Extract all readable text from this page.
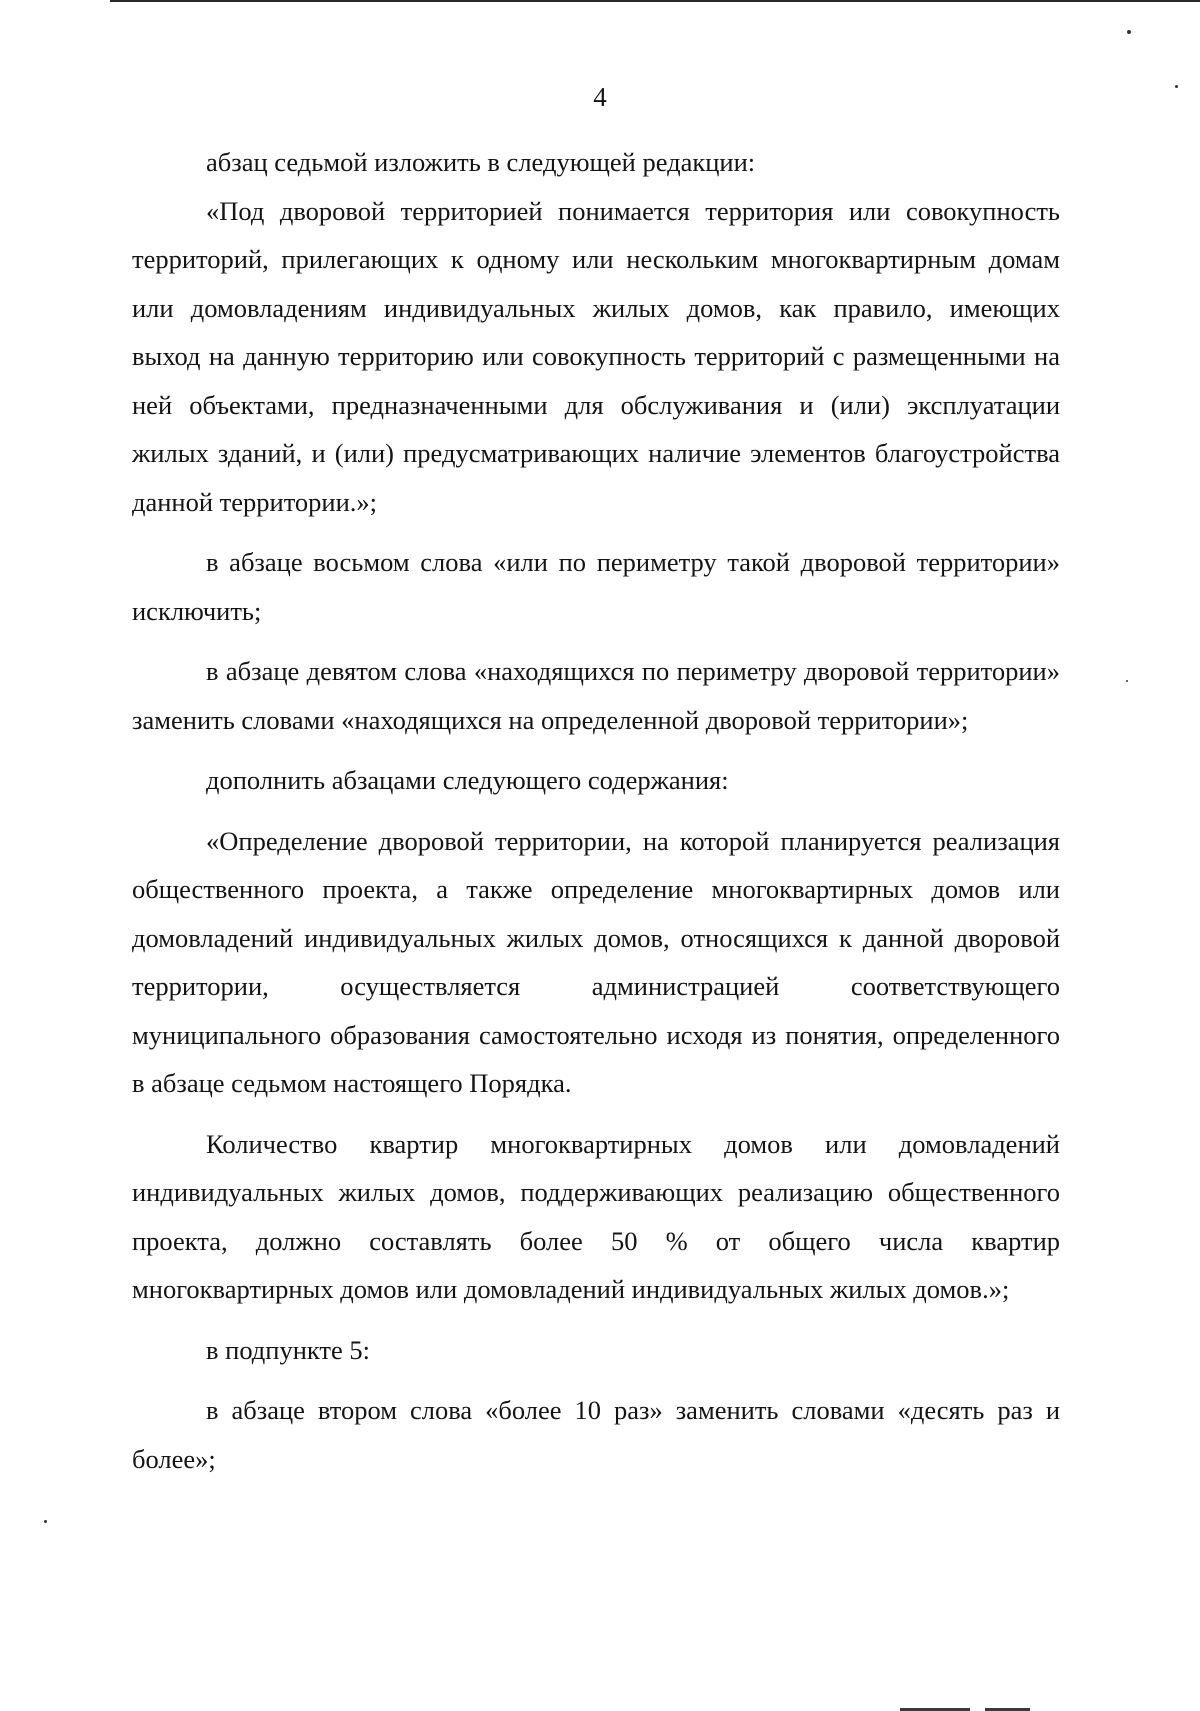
4

абзац седьмой изложить в следующей редакции:

«Под дворовой территорией понимается территория или совокупность территорий, прилегающих к одному или нескольким многоквартирным домам или домовладениям индивидуальных жилых домов, как правило, имеющих выход на данную территорию или совокупность территорий с размещенными на ней объектами, предназначенными для обслуживания и (или) эксплуатации жилых зданий, и (или) предусматривающих наличие элементов благоустройства данной территории.»;

в абзаце восьмом слова «или по периметру такой дворовой территории» исключить;

в абзаце девятом слова «находящихся по периметру дворовой территории» заменить словами «находящихся на определенной дворовой территории»;

дополнить абзацами следующего содержания:

«Определение дворовой территории, на которой планируется реализация общественного проекта, а также определение многоквартирных домов или домовладений индивидуальных жилых домов, относящихся к данной дворовой территории, осуществляется администрацией соответствующего муниципального образования самостоятельно исходя из понятия, определенного в абзаце седьмом настоящего Порядка.

Количество квартир многоквартирных домов или домовладений индивидуальных жилых домов, поддерживающих реализацию общественного проекта, должно составлять более 50 % от общего числа квартир многоквартирных домов или домовладений индивидуальных жилых домов.»;

в подпункте 5:

в абзаце втором слова «более 10 раз» заменить словами «десять раз и более»;
